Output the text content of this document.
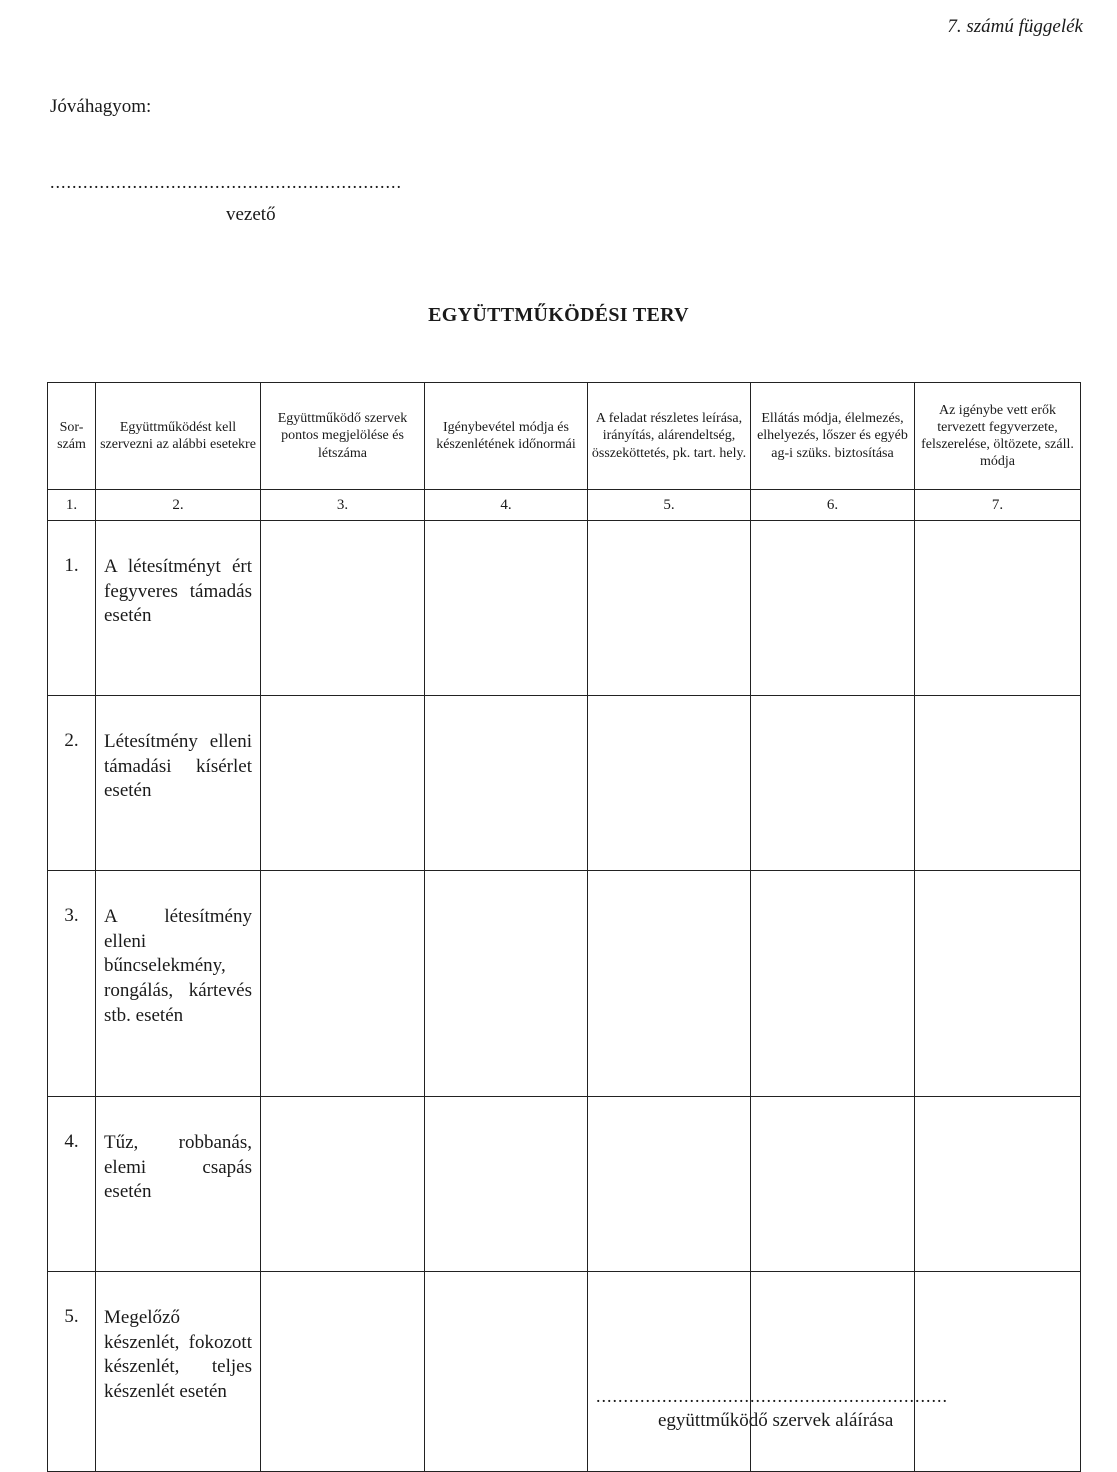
7. számú függelék
Jóváhagyom:
................................................................
vezető
EGYÜTTMŰKÖDÉSI TERV
Sor-
szám	Együttműködést kell szervezni az alábbi esetekre	Együttműködő szervek pontos megjelölése és létszáma	Igénybevétel módja és készenlétének időnormái	A feladat részletes leírása, irányítás, alárendeltség, összeköttetés, pk. tart. hely.	Ellátás módja, élelmezés, elhelyezés, lőszer és egyéb ag-i szüks. biztosítása	Az igénybe vett erők tervezett fegyverzete, felszerelése, öltözete, száll. módja
1.	2.	3.	4.	5.	6.	7.
1.	A létesítményt ért fegyveres támadás esetén					
2.	Létesítmény elleni támadási kísérlet esetén					
3.	A létesítmény elleni bűncselekmény, rongálás, kártevés stb. esetén					
4.	Tűz, robbanás, elemi csapás esetén					
5.	Megelőző készenlét, fokozott készenlét, teljes készenlét esetén						................................................................
együttműködő szervek aláírása
